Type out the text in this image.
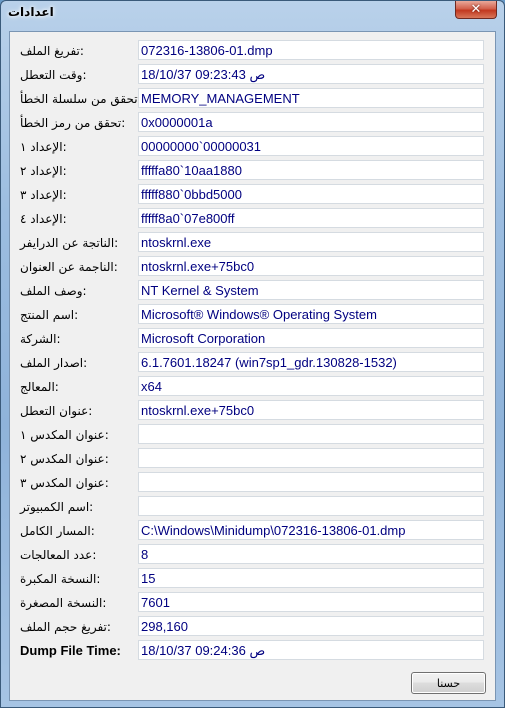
اعدادات	✕
تفريغ الملف:	072316-13806-01.dmp
وقت التعطل:	18/10/37 09:23:43 ص
تحقق من سلسلة الخطأ	MEMORY_MANAGEMENT
تحقق من رمز الخطأ: 0x0000001a
الإعداد ١:	00000000`00000031
الإعداد ٢:	fffffa80`10aa1880
الإعداد ٣:	fffff880`0bbd5000
الإعداد ٤:	fffff8a0`07e800ff
الناتجة عن الدرايفر: ntoskrnl.exe
الناجمة عن العنوان: ntoskrnl.exe+75bc0
وصف الملف:	NT Kernel & System
اسم المنتج:	Microsoft® Windows® Operating System
الشركة:	Microsoft Corporation
اصدار الملف:	6.1.7601.18247 (win7sp1_gdr.130828-1532)
المعالج:	x64
عنوان التعطل:	ntoskrnl.exe+75bc0
عنوان المكدس ١:
عنوان المكدس ٢:
عنوان المكدس ٣:
اسم الكمبيوتر:
المسار الكامل:	C:\Windows\Minidump\072316-13806-01.dmp
عدد المعالجات:	8
النسخة المكبرة:	15
النسخة المصغرة:	7601
تفريغ حجم الملف: 298,160
Dump File Time: 18/10/37 09:24:36 ص
حسنا
